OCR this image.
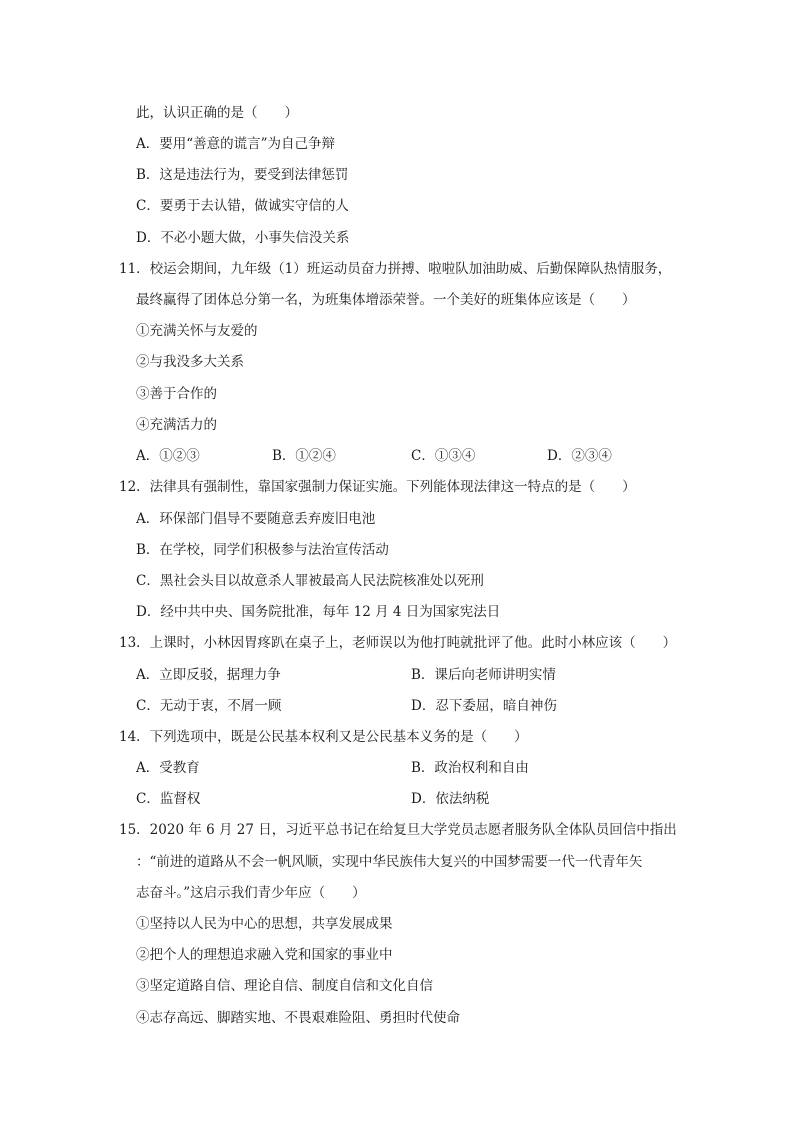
此，认识正确的是（　　）
A．要用“善意的谎言”为自己争辩
B．这是违法行为，要受到法律惩罚
C．要勇于去认错，做诚实守信的人
D．不必小题大做，小事失信没关系
11．校运会期间，九年级（1）班运动员奋力拼搏、啦啦队加油助威、后勤保障队热情服务，
最终赢得了团体总分第一名，为班集体增添荣誉。一个美好的班集体应该是（　　）
①充满关怀与友爱的
②与我没多大关系
③善于合作的
④充满活力的
A．①②③	B．①②④	C．①③④	D．②③④
12．法律具有强制性，靠国家强制力保证实施。下列能体现法律这一特点的是（　　）
A．环保部门倡导不要随意丢弃废旧电池
B．在学校，同学们积极参与法治宣传活动
C．黑社会头目以故意杀人罪被最高人民法院核准处以死刑
D．经中共中央、国务院批准，每年 12 月 4 日为国家宪法日
13．上课时，小林因胃疼趴在桌子上，老师误以为他打盹就批评了他。此时小林应该（　　）
A．立即反驳，据理力争	B．课后向老师讲明实情
C．无动于衷，不屑一顾	D．忍下委屈，暗自神伤
14．下列选项中，既是公民基本权利又是公民基本义务的是（　　）
A．受教育	B．政治权利和自由
C．监督权	D．依法纳税
15．2020 年 6 月 27 日，习近平总书记在给复旦大学党员志愿者服务队全体队员回信中指出
：“前进的道路从不会一帆风顺，实现中华民族伟大复兴的中国梦需要一代一代青年矢
志奋斗。”这启示我们青少年应（　　）
①坚持以人民为中心的思想，共享发展成果
②把个人的理想追求融入党和国家的事业中
③坚定道路自信、理论自信、制度自信和文化自信
④志存高远、脚踏实地、不畏艰难险阻、勇担时代使命
